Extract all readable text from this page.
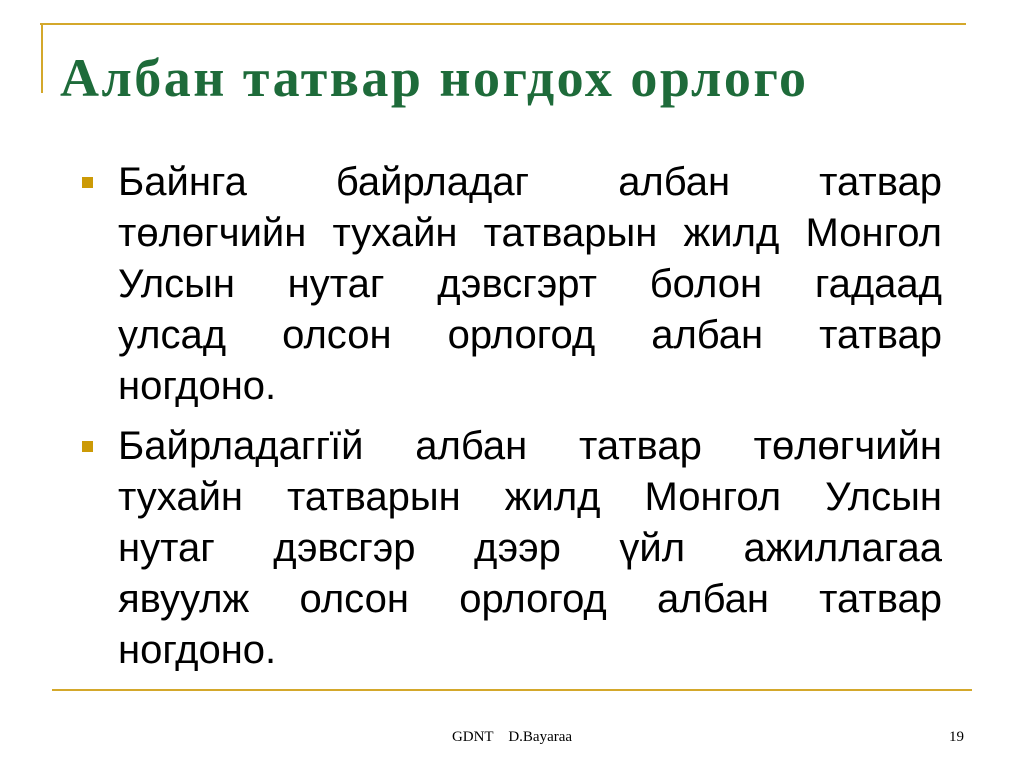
Албан татвар ногдох орлого
Байнга байрладаг албан татвар
төлөгчийн тухайн татварын жилд Монгол
Улсын нутаг дэвсгэрт болон гадаад
улсад олсон орлогод албан татвар
ногдоно.
Байрладаггїй албан татвар төлөгчийн
тухайн татварын жилд Монгол Улсын
нутаг дэвсгэр дээр үйл ажиллагаа
явуулж олсон орлогод албан татвар
ногдоно.
GDNT    D.Bayaraa	19
